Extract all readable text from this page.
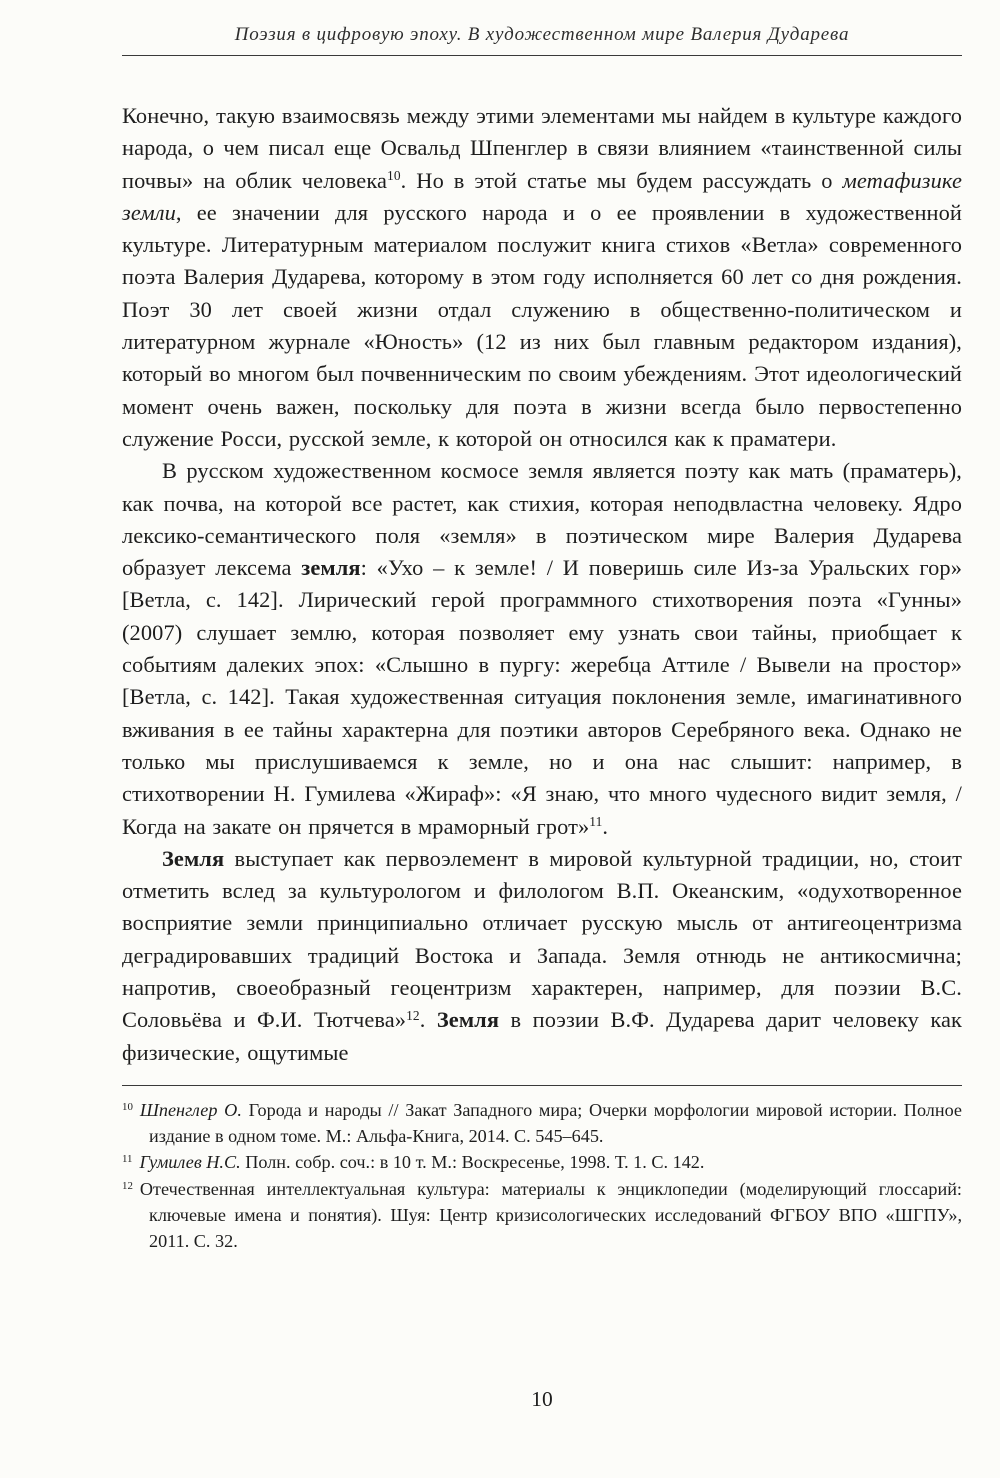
Поэзия в цифровую эпоху. В художественном мире Валерия Дударева

Конечно, такую взаимосвязь между этими элементами мы найдем в культуре каждого народа, о чем писал еще Освальд Шпенглер в связи влиянием «таинственной силы почвы» на облик человека$^{10}$. Но в этой статье мы будем рассуждать о метафизике земли, ее значении для русского народа и о ее проявлении в художественной культуре. Литературным материалом послужит книга стихов «Ветла» современного поэта Валерия Дударева, которому в этом году исполняется 60 лет со дня рождения. Поэт 30 лет своей жизни отдал служению в общественно-политическом и литературном журнале «Юность» (12 из них был главным редактором издания), который во многом был почвенническим по своим убеждениям. Этот идеологический момент очень важен, поскольку для поэта в жизни всегда было первостепенно служение Росси, русской земле, к которой он относился как к праматери.

В русском художественном космосе земля является поэту как мать (праматерь), как почва, на которой все растет, как стихия, которая неподвластна человеку. Ядро лексико-семантического поля «земля» в поэтическом мире Валерия Дударева образует лексема земля: «Ухо – к земле! / И поверишь силе Из-за Уральских гор» [Ветла, с. 142]. Лирический герой программного стихотворения поэта «Гунны» (2007) слушает землю, которая позволяет ему узнать свои тайны, приобщает к событиям далеких эпох: «Слышно в пургу: жеребца Аттиле / Вывели на простор» [Ветла, с. 142]. Такая художественная ситуация поклонения земле, имагинативного вживания в ее тайны характерна для поэтики авторов Серебряного века. Однако не только мы прислушиваемся к земле, но и она нас слышит: например, в стихотворении Н. Гумилева «Жираф»: «Я знаю, что много чудесного видит земля, / Когда на закате он прячется в мраморный грот»$^{11}$.

Земля выступает как первоэлемент в мировой культурной традиции, но, стоит отметить вслед за культурологом и филологом В.П. Океанским, «одухотворенное восприятие земли принципиально отличает русскую мысль от антигеоцентризма деградировавших традиций Востока и Запада. Земля отнюдь не антикосмична; напротив, своеобразный геоцентризм характерен, например, для поэзии В.С. Соловьёва и Ф.И. Тютчева»$^{12}$. Земля в поэзии В.Ф. Дударева дарит человеку как физические, ощутимые

$^{10}$ Шпенглер О. Города и народы // Закат Западного мира; Очерки морфологии мировой истории. Полное издание в одном томе. М.: Альфа-Книга, 2014. С. 545–645.
$^{11}$ Гумилев Н.С. Полн. собр. соч.: в 10 т. М.: Воскресенье, 1998. Т. 1. С. 142.
$^{12}$ Отечественная интеллектуальная культура: материалы к энциклопедии (моделирующий глоссарий: ключевые имена и понятия). Шуя: Центр кризисологических исследований ФГБОУ ВПО «ШГПУ», 2011. С. 32.
10
